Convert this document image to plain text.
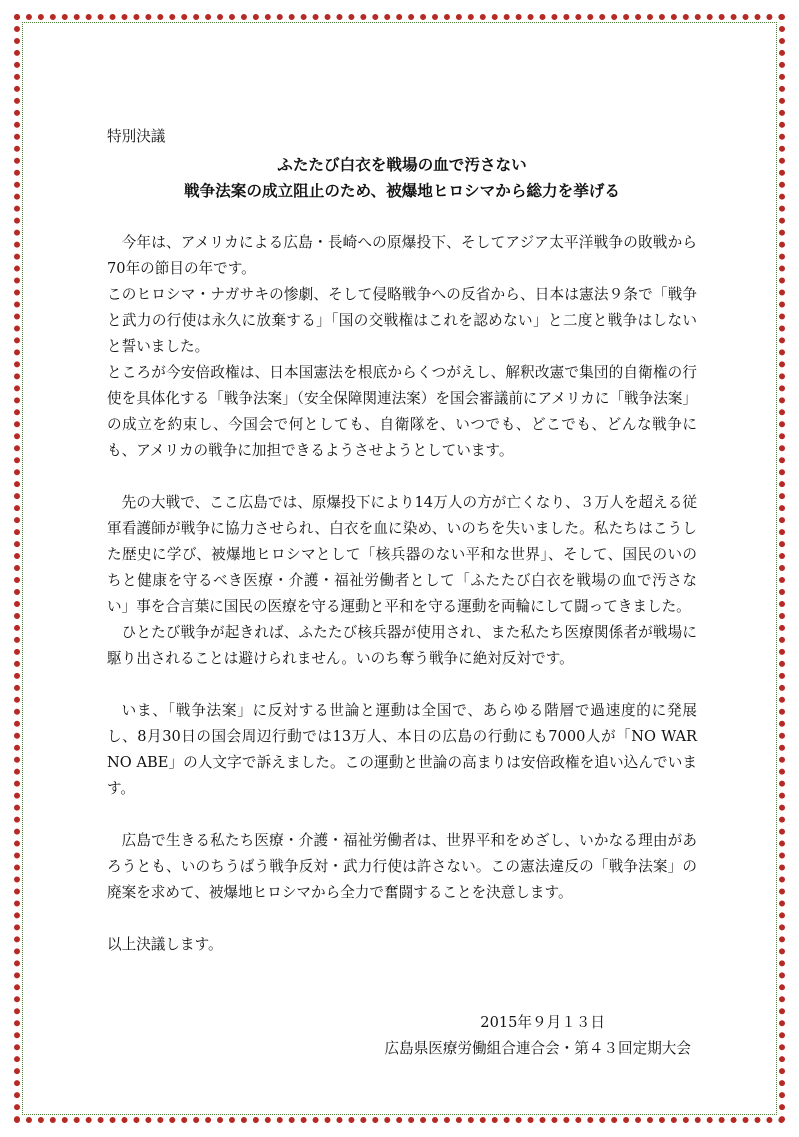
特別決議

ふたたび白衣を戦場の血で汚さない

戦争法案の成立阻止のため、被爆地ヒロシマから総力を挙げる

今年は、アメリカによる広島・長崎への原爆投下、そしてアジア太平洋戦争の敗戦から70年の節目の年です。

このヒロシマ・ナガサキの惨劇、そして侵略戦争への反省から、日本は憲法９条で「戦争と武力の行使は永久に放棄する」「国の交戦権はこれを認めない」と二度と戦争はしないと誓いました。

ところが今安倍政権は、日本国憲法を根底からくつがえし、解釈改憲で集団的自衛権の行使を具体化する「戦争法案」（安全保障関連法案）を国会審議前にアメリカに「戦争法案」の成立を約束し、今国会で何としても、自衛隊を、いつでも、どこでも、どんな戦争にも、アメリカの戦争に加担できるようさせようとしています。

先の大戦で、ここ広島では、原爆投下により14万人の方が亡くなり、３万人を超える従軍看護師が戦争に協力させられ、白衣を血に染め、いのちを失いました。私たちはこうした歴史に学び、被爆地ヒロシマとして「核兵器のない平和な世界」、そして、国民のいのちと健康を守るべき医療・介護・福祉労働者として「ふたたび白衣を戦場の血で汚さない」事を合言葉に国民の医療を守る運動と平和を守る運動を両輪にして闘ってきました。

ひとたび戦争が起きれば、ふたたび核兵器が使用され、また私たち医療関係者が戦場に駆り出されることは避けられません。いのち奪う戦争に絶対反対です。

いま、「戦争法案」に反対する世論と運動は全国で、あらゆる階層で過速度的に発展し、8月30日の国会周辺行動では13万人、本日の広島の行動にも7000人が「NO WAR NO ABE」の人文字で訴えました。この運動と世論の高まりは安倍政権を追い込んでいます。

広島で生きる私たち医療・介護・福祉労働者は、世界平和をめざし、いかなる理由があろうとも、いのちうばう戦争反対・武力行使は許さない。この憲法違反の「戦争法案」の廃案を求めて、被爆地ヒロシマから全力で奮闘することを決意します。

以上決議します。

2015年９月１３日

広島県医療労働組合連合会・第４３回定期大会
